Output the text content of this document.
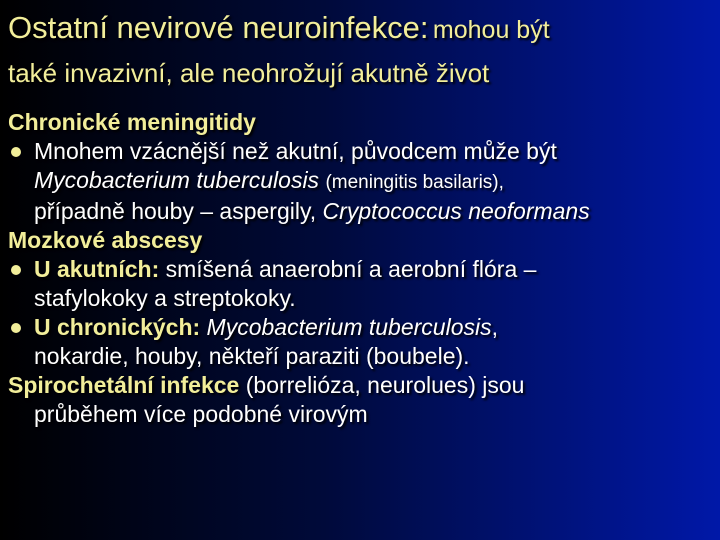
Ostatní nevirové neuroinfekce: mohou být
také invazivní, ale neohrožují akutně život

Chronické meningitidy

Mnohem vzácnější než akutní, původcem může být
Mycobacterium tuberculosis (meningitis basilaris),
případně houby – aspergily, Cryptococcus neoformans

Mozkové abscesy

U akutních: smíšená anaerobní a aerobní flóra –
stafylokoky a streptokoky.
U chronických: Mycobacterium tuberculosis,
nokardie, houby, někteří paraziti (boubele).
Spirochetální infekce (borrelióza, neurolues) jsou
průběhem více podobné virovým
